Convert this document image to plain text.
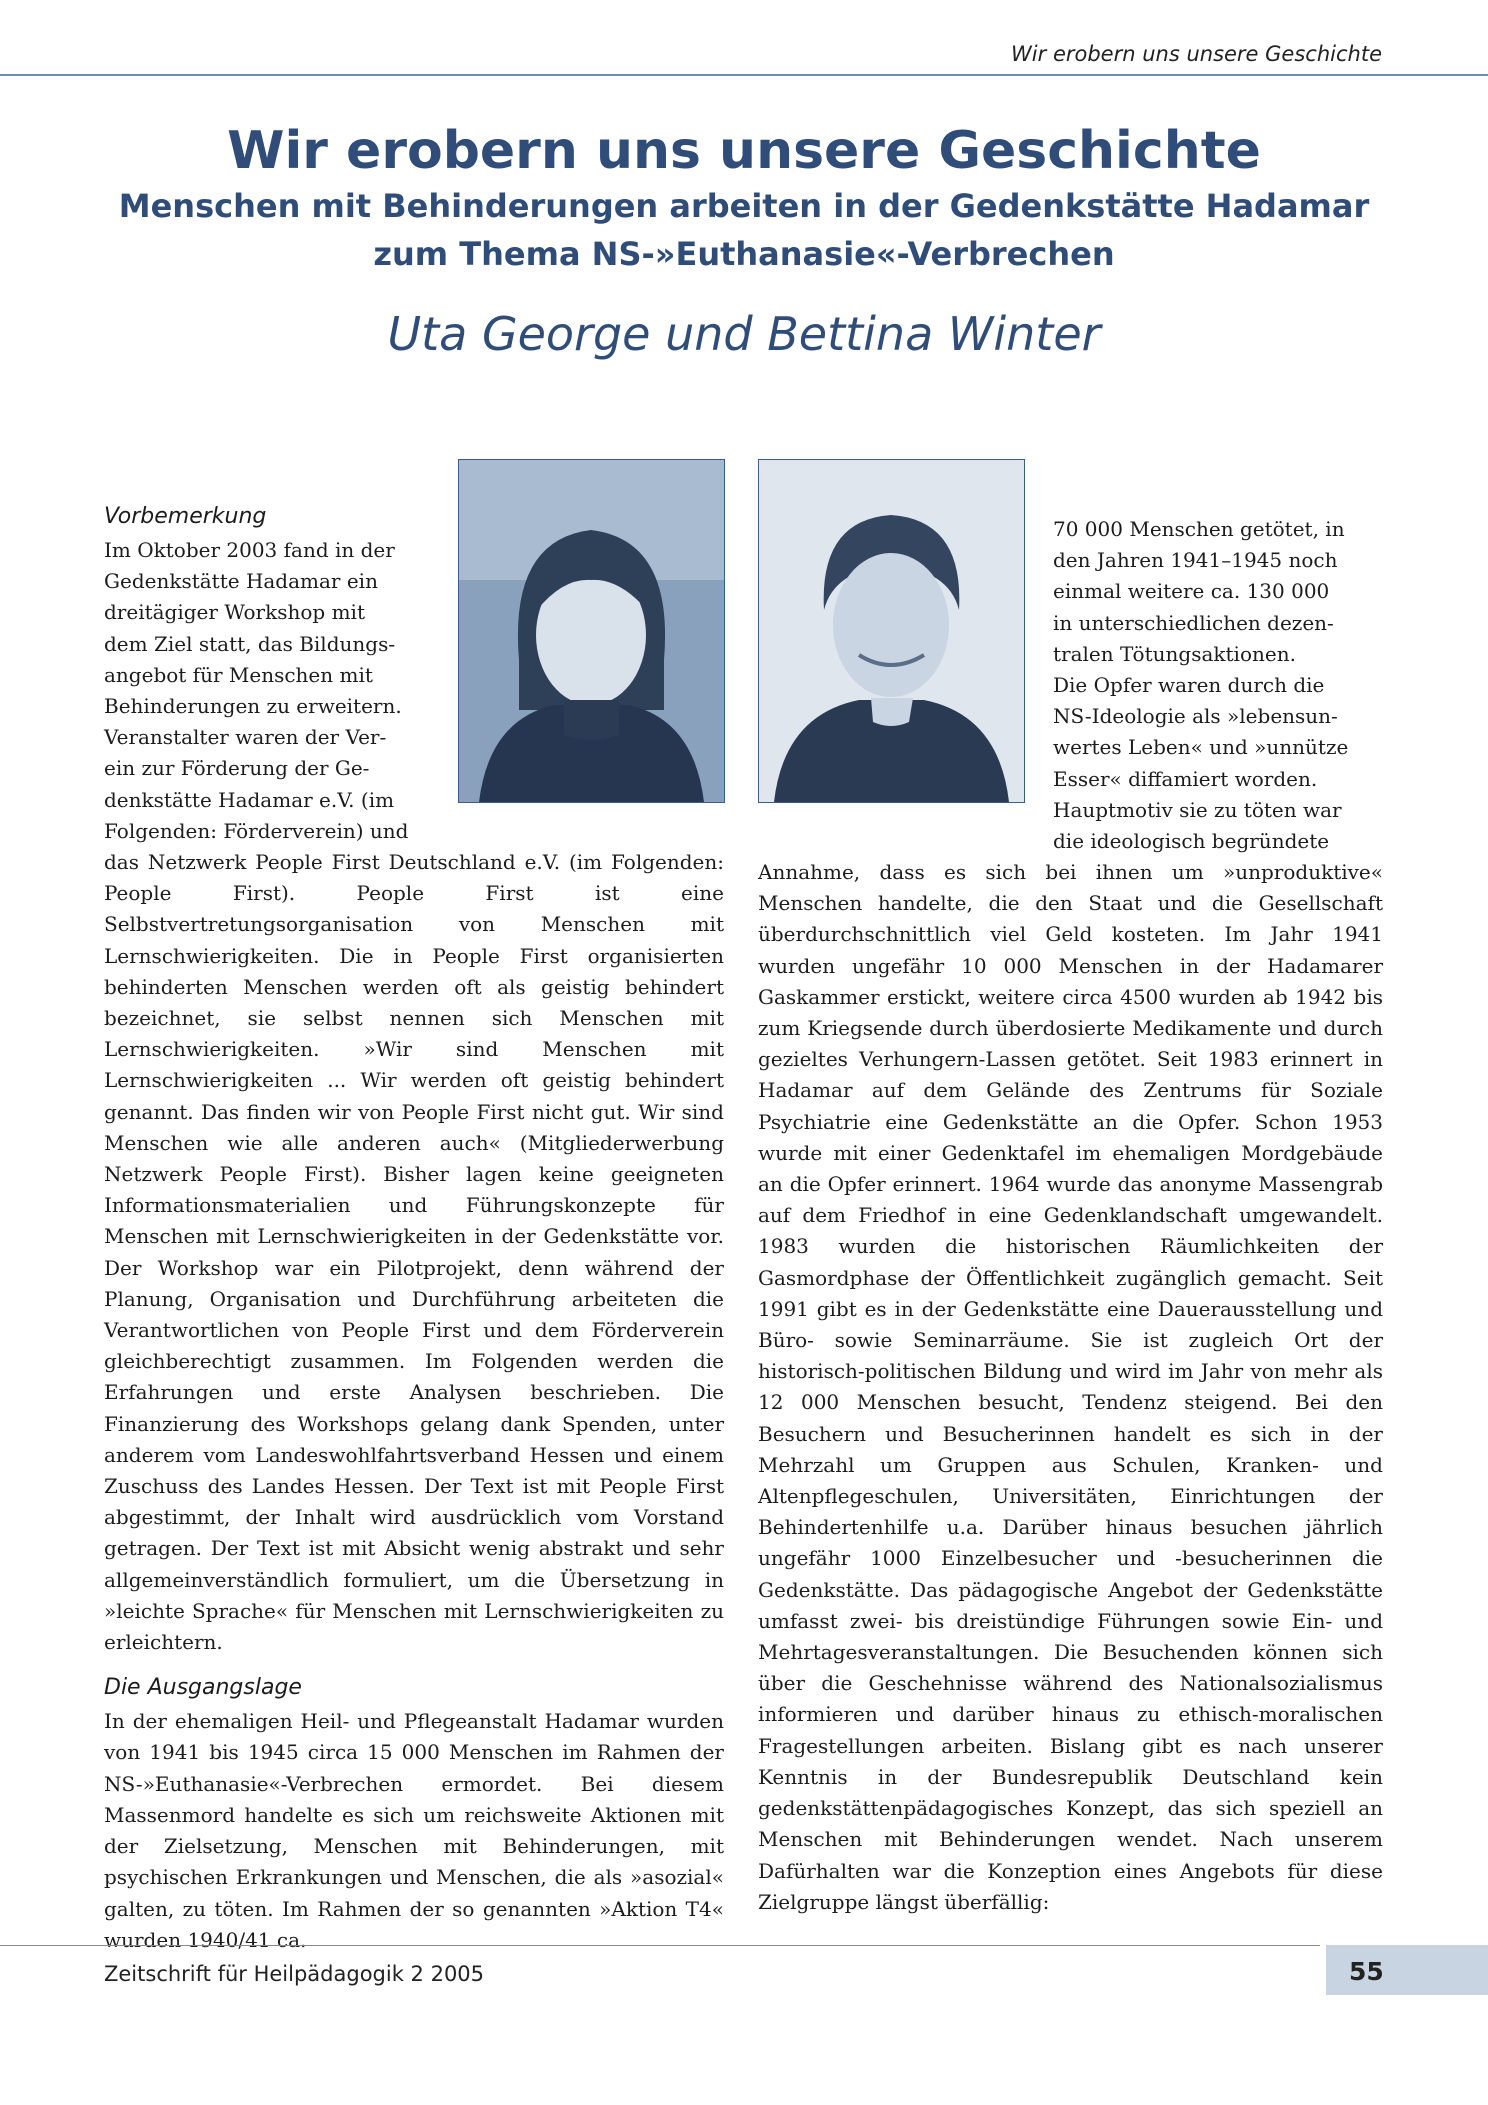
Wir erobern uns unsere Geschichte
Wir erobern uns unsere Geschichte
Menschen mit Behinderungen arbeiten in der Gedenkstätte Hadamar
zum Thema NS-»Euthanasie«-Verbrechen
Uta George und Bettina Winter
Vorbemerkung
Im Oktober 2003 fand in der
Gedenkstätte Hadamar ein
dreitägiger Workshop mit
dem Ziel statt, das Bildungs-
angebot für Menschen mit
Behinderungen zu erweitern.
Veranstalter waren der Ver-
ein zur Förderung der Ge-
denkstätte Hadamar e.V. (im
Folgenden: Förderverein) und

das Netzwerk People First Deutschland e.V. (im Folgenden: People First). People First ist eine Selbstvertretungsorganisation von Menschen mit Lernschwierigkeiten. Die in People First organisierten behinderten Menschen werden oft als geistig behindert bezeichnet, sie selbst nennen sich Menschen mit Lernschwierigkeiten. »Wir sind Menschen mit Lernschwierigkeiten ... Wir werden oft geistig behindert genannt. Das finden wir von People First nicht gut. Wir sind Menschen wie alle anderen auch« (Mitgliederwerbung Netzwerk People First). Bisher lagen keine geeigneten Informationsmaterialien und Führungskonzepte für Menschen mit Lernschwierigkeiten in der Gedenkstätte vor. Der Workshop war ein Pilotprojekt, denn während der Planung, Organisation und Durchführung arbeiteten die Verantwortlichen von People First und dem Förderverein gleichberechtigt zusammen. Im Folgenden werden die Erfahrungen und erste Analysen beschrieben. Die Finanzierung des Workshops gelang dank Spenden, unter anderem vom Landeswohlfahrtsverband Hessen und einem Zuschuss des Landes Hessen. Der Text ist mit People First abgestimmt, der Inhalt wird ausdrücklich vom Vorstand getragen. Der Text ist mit Absicht wenig abstrakt und sehr allgemeinverständlich formuliert, um die Übersetzung in »leichte Sprache« für Menschen mit Lernschwierigkeiten zu erleichtern.

Die Ausgangslage

In der ehemaligen Heil- und Pflegeanstalt Hadamar wurden von 1941 bis 1945 circa 15 000 Menschen im Rahmen der NS-»Euthanasie«-Verbrechen ermordet. Bei diesem Massenmord handelte es sich um reichsweite Aktionen mit der Zielsetzung, Menschen mit Behinderungen, mit psychischen Erkrankungen und Menschen, die als »asozial« galten, zu töten. Im Rahmen der so genannten »Aktion T4« wurden 1940/41 ca.

70 000 Menschen getötet, in
den Jahren 1941–1945 noch
einmal weitere ca. 130 000
in unterschiedlichen dezen-
tralen Tötungsaktionen.
Die Opfer waren durch die
NS-Ideologie als »lebensun-
wertes Leben« und »unnütze
Esser« diffamiert worden.
Hauptmotiv sie zu töten war
die ideologisch begründete

Annahme, dass es sich bei ihnen um »unproduktive« Menschen handelte, die den Staat und die Gesellschaft überdurchschnittlich viel Geld kosteten. Im Jahr 1941 wurden ungefähr 10 000 Menschen in der Hadamarer Gaskammer erstickt, weitere circa 4500 wurden ab 1942 bis zum Kriegsende durch überdosierte Medikamente und durch gezieltes Verhungern-Lassen getötet. Seit 1983 erinnert in Hadamar auf dem Gelände des Zentrums für Soziale Psychiatrie eine Gedenkstätte an die Opfer. Schon 1953 wurde mit einer Gedenktafel im ehemaligen Mordgebäude an die Opfer erinnert. 1964 wurde das anonyme Massengrab auf dem Friedhof in eine Gedenklandschaft umgewandelt. 1983 wurden die historischen Räumlichkeiten der Gasmordphase der Öffentlichkeit zugänglich gemacht. Seit 1991 gibt es in der Gedenkstätte eine Dauerausstellung und Büro- sowie Seminarräume. Sie ist zugleich Ort der historisch-politischen Bildung und wird im Jahr von mehr als 12 000 Menschen besucht, Tendenz steigend. Bei den Besuchern und Besucherinnen handelt es sich in der Mehrzahl um Gruppen aus Schulen, Kranken- und Altenpflegeschulen, Universitäten, Einrichtungen der Behindertenhilfe u.a. Darüber hinaus besuchen jährlich ungefähr 1000 Einzelbesucher und -besucherinnen die Gedenkstätte. Das pädagogische Angebot der Gedenkstätte umfasst zwei- bis dreistündige Führungen sowie Ein- und Mehrtagesveranstaltungen. Die Besuchenden können sich über die Geschehnisse während des Nationalsozialismus informieren und darüber hinaus zu ethisch-moralischen Fragestellungen arbeiten. Bislang gibt es nach unserer Kenntnis in der Bundesrepublik Deutschland kein gedenkstättenpädagogisches Konzept, das sich speziell an Menschen mit Behinderungen wendet. Nach unserem Dafürhalten war die Konzeption eines Angebots für diese Zielgruppe längst überfällig:

Zeitschrift für Heilpädagogik 2 2005	55
